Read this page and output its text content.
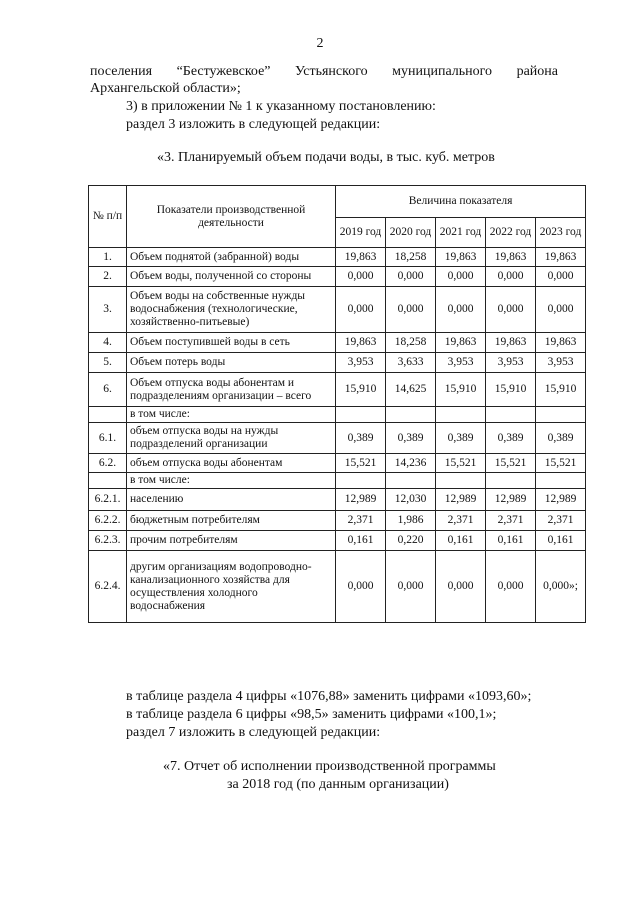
2
поселения “Бестужевское” Устьянского муниципального района
Архангельской области»;
3) в приложении № 1 к указанному постановлению:
раздел 3 изложить в следующей редакции:
«3. Планируемый объем подачи воды, в тыс. куб. метров
№ п/п	Показатели производственной деятельности	Величина показателя				
		2019 год	2020 год	2021 год	2022 год	2023 год
1.	Объем поднятой (забранной) воды	19,863	18,258	19,863	19,863	19,863
2.	Объем воды, полученной со стороны	0,000	0,000	0,000	0,000	0,000
3.	Объем воды на собственные нужды водоснабжения (технологические, хозяйственно-питьевые)	0,000	0,000	0,000	0,000	0,000
4.	Объем поступившей воды в сеть	19,863	18,258	19,863	19,863	19,863
5.	Объем потерь воды	3,953	3,633	3,953	3,953	3,953
6.	Объем отпуска воды абонентам и подразделениям организации – всего	15,910	14,625	15,910	15,910	15,910
	в том числе:					
6.1.	объем отпуска воды на нужды подразделений организации	0,389	0,389	0,389	0,389	0,389
6.2.	объем отпуска воды абонентам	15,521	14,236	15,521	15,521	15,521
	в том числе:					
6.2.1.	населению	12,989	12,030	12,989	12,989	12,989
6.2.2.	бюджетным потребителям	2,371	1,986	2,371	2,371	2,371
6.2.3.	прочим потребителям	0,161	0,220	0,161	0,161	0,161
6.2.4.	другим организациям водопроводно-канализационного хозяйства для осуществления холодного водоснабжения	0,000	0,000	0,000	0,000	0,000»;
в таблице раздела 4 цифры «1076,88» заменить цифрами «1093,60»;
в таблице раздела 6 цифры «98,5» заменить цифрами «100,1»;
раздел 7 изложить в следующей редакции:
«7. Отчет об исполнении производственной программы
за 2018 год (по данным организации)
